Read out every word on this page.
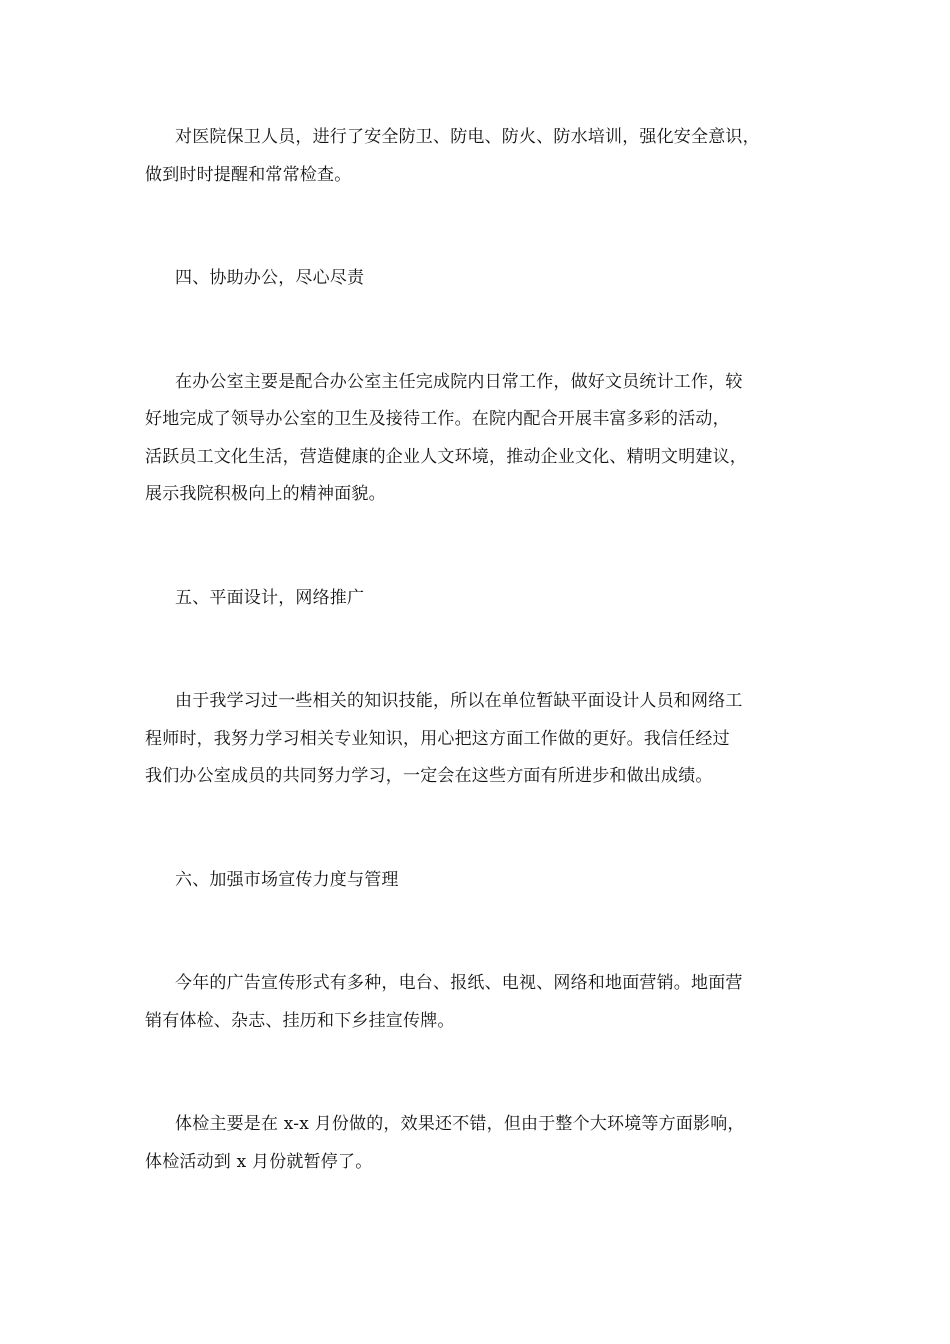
对医院保卫人员，进行了安全防卫、防电、防火、防水培训，强化安全意识，
做到时时提醒和常常检查。
四、协助办公，尽心尽责
在办公室主要是配合办公室主任完成院内日常工作，做好文员统计工作，较
好地完成了领导办公室的卫生及接待工作。在院内配合开展丰富多彩的活动，
活跃员工文化生活，营造健康的企业人文环境，推动企业文化、精明文明建议，
展示我院积极向上的精神面貌。
五、平面设计，网络推广
由于我学习过一些相关的知识技能，所以在单位暂缺平面设计人员和网络工
程师时，我努力学习相关专业知识，用心把这方面工作做的更好。我信任经过
我们办公室成员的共同努力学习，一定会在这些方面有所进步和做出成绩。
六、加强市场宣传力度与管理
今年的广告宣传形式有多种，电台、报纸、电视、网络和地面营销。地面营
销有体检、杂志、挂历和下乡挂宣传牌。
体检主要是在 x-x 月份做的，效果还不错，但由于整个大环境等方面影响，
体检活动到 x 月份就暂停了。
